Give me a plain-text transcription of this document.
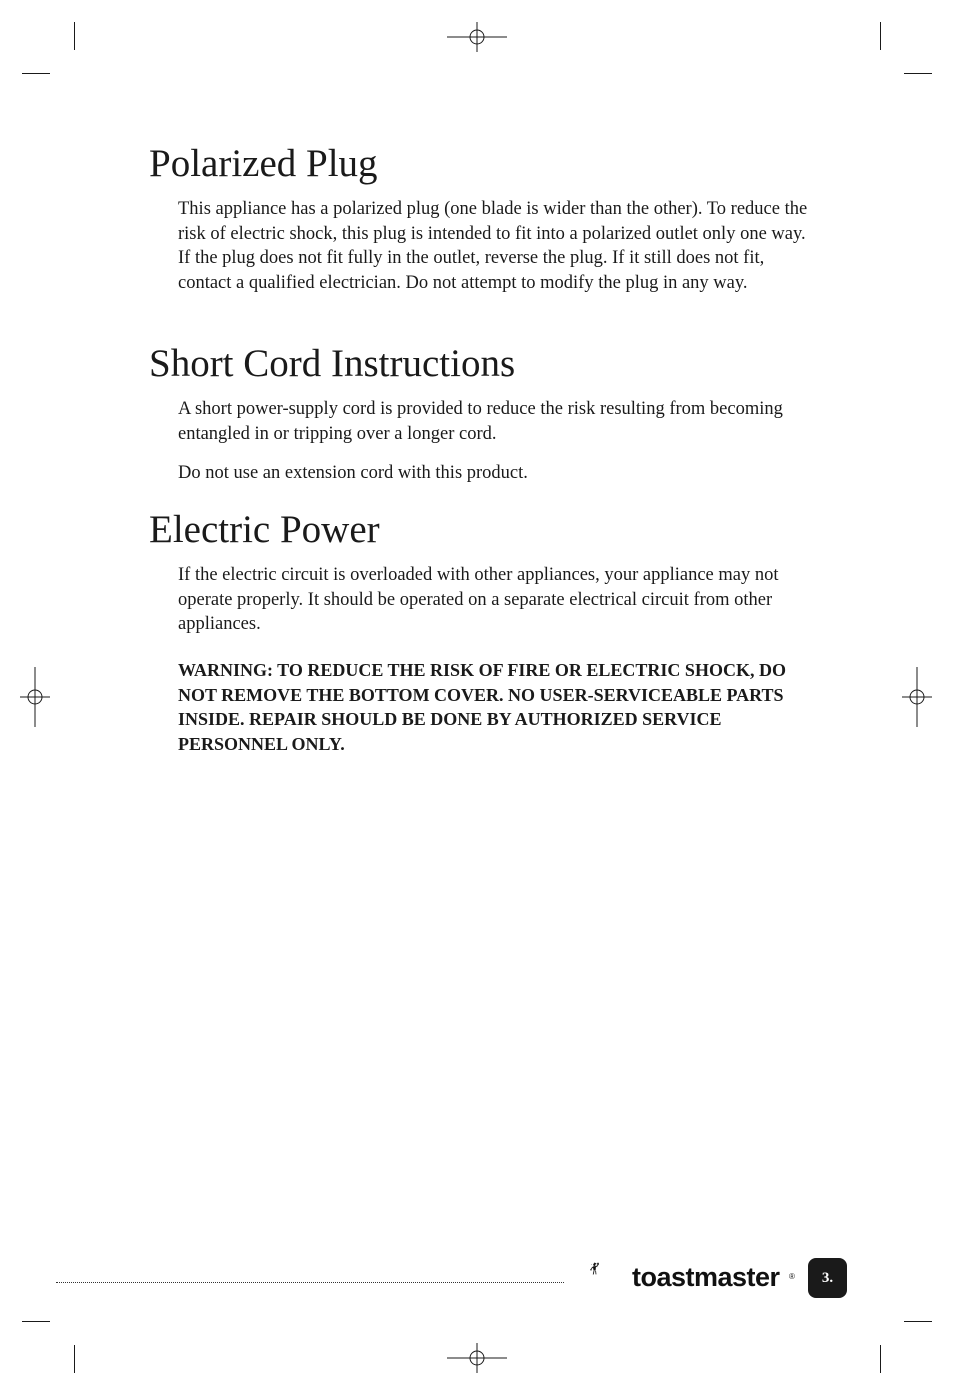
Polarized Plug

This appliance has a polarized plug (one blade is wider than the other). To reduce the risk of electric shock, this plug is intended to fit into a polarized outlet only one way. If the plug does not fit fully in the outlet, reverse the plug. If it still does not fit, contact a qualified electrician. Do not attempt to modify the plug in any way.

Short Cord Instructions

A short power-supply cord is provided to reduce the risk resulting from becoming entangled in or tripping over a longer cord.

Do not use an extension cord with this product.

Electric Power

If the electric circuit is overloaded with other appliances, your appliance may not operate properly. It should be operated on a separate electrical circuit from other appliances.

WARNING: TO REDUCE THE RISK OF FIRE OR ELECTRIC SHOCK, DO NOT REMOVE THE BOTTOM COVER. NO USER-SERVICEABLE PARTS INSIDE. REPAIR SHOULD BE DONE BY AUTHORIZED SERVICE PERSONNEL ONLY.

toastmaster ® 3.
